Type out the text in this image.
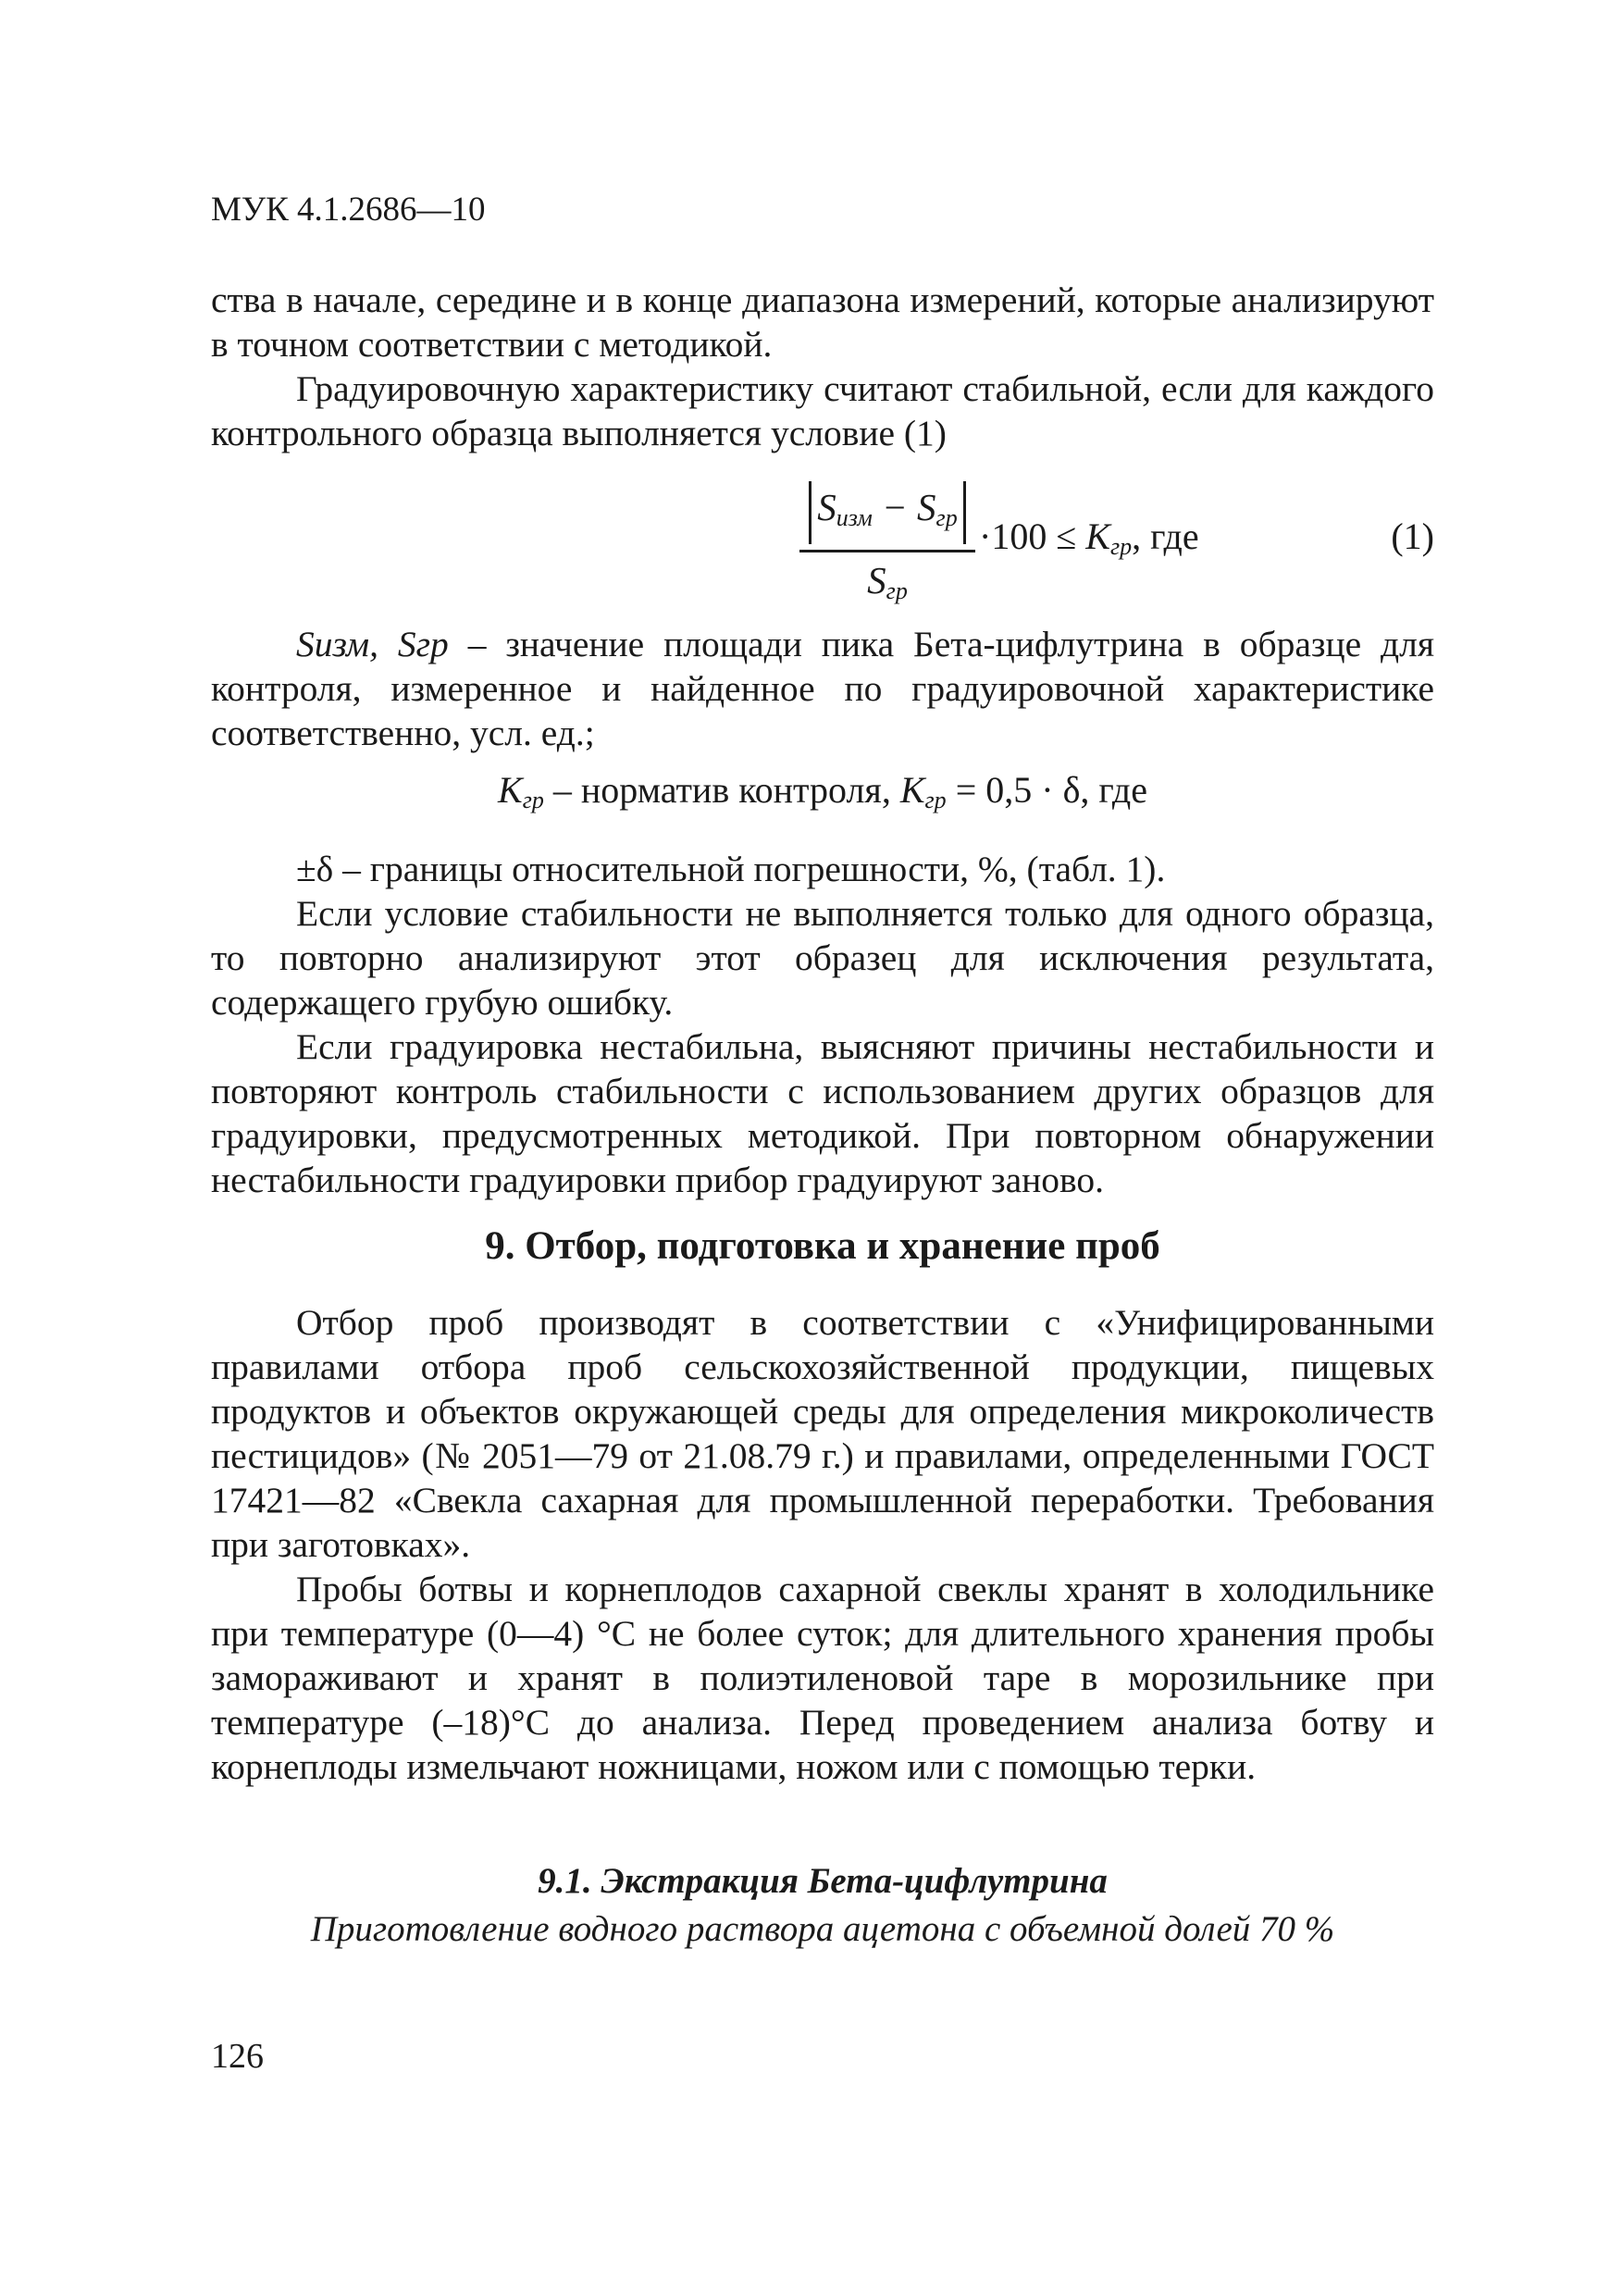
МУК 4.1.2686—10

ства в начале, середине и в конце диапазона измерений, которые анализируют в точном соответствии с методикой.

Градуировочную характеристику считают стабильной, если для каждого контрольного образца выполняется условие (1)

$S_{изм} - S_{гр}$
$S_{гр}$
$\cdot 100 \le K_{гр}$, где	(1)

Sизм, Sгр – значение площади пика Бета-цифлутрина в образце для контроля, измеренное и найденное по градуировочной характеристике соответственно, усл. ед.;

$K_{гр}$ – норматив контроля, $K_{гр} = 0,5 \cdot \delta$, где

±δ – границы относительной погрешности, %, (табл. 1).

Если условие стабильности не выполняется только для одного образца, то повторно анализируют этот образец для исключения результата, содержащего грубую ошибку.

Если градуировка нестабильна, выясняют причины нестабильности и повторяют контроль стабильности с использованием других образцов для градуировки, предусмотренных методикой. При повторном обнаружении нестабильности градуировки прибор градуируют заново.

9. Отбор, подготовка и хранение проб

Отбор проб производят в соответствии с «Унифицированными правилами отбора проб сельскохозяйственной продукции, пищевых продуктов и объектов окружающей среды для определения микроколичеств пестицидов» (№ 2051—79 от 21.08.79 г.) и правилами, определенными ГОСТ 17421—82 «Свекла сахарная для промышленной переработки. Требования при заготовках».

Пробы ботвы и корнеплодов сахарной свеклы хранят в холодильнике при температуре (0—4) °С не более суток; для длительного хранения пробы замораживают и хранят в полиэтиленовой таре в морозильнике при температуре (–18)°С до анализа. Перед проведением анализа ботву и корнеплоды измельчают ножницами, ножом или с помощью терки.

9.1. Экстракция Бета-цифлутрина
Приготовление водного раствора ацетона с объемной долей 70 %
126
